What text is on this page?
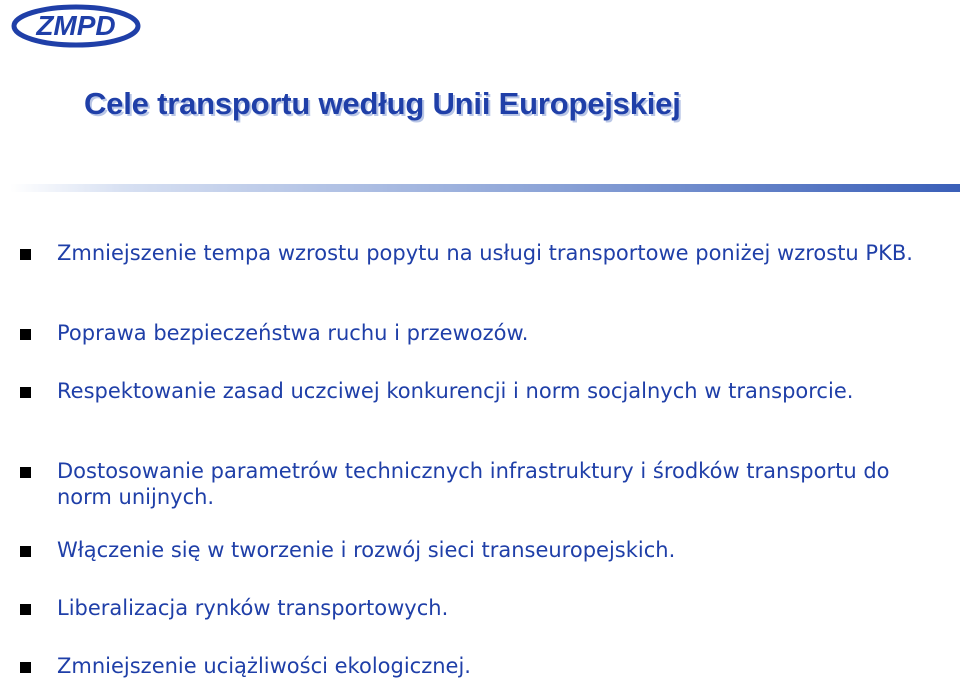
ZMPD
Cele transportu według Unii Europejskiej
Zmniejszenie tempa wzrostu popytu na usługi transportowe poniżej wzrostu PKB.
Poprawa bezpieczeństwa ruchu i przewozów.
Respektowanie zasad uczciwej konkurencji i norm socjalnych w transporcie.
Dostosowanie parametrów technicznych infrastruktury i środków transportu do norm unijnych.
Włączenie się w tworzenie i rozwój sieci transeuropejskich.
Liberalizacja rynków transportowych.
Zmniejszenie uciążliwości ekologicznej.
